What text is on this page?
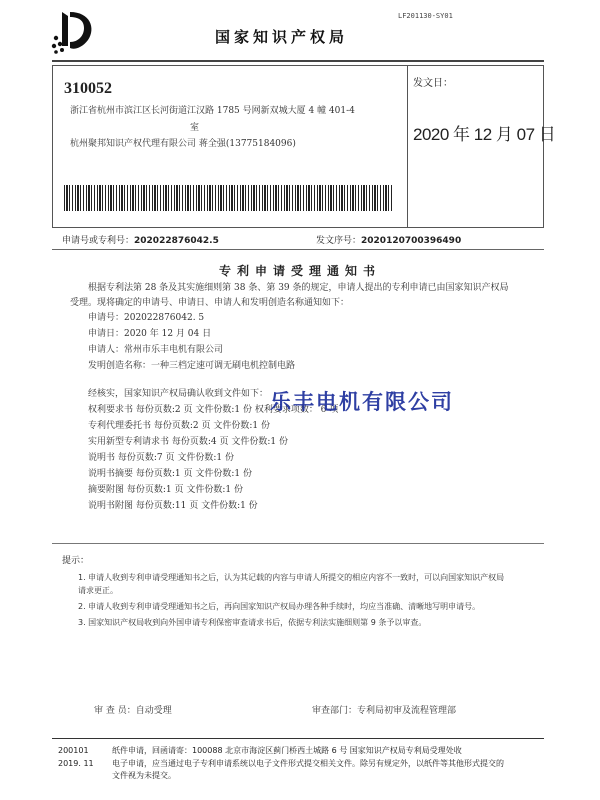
LF201130-SY01
国家知识产权局
310052
浙江省杭州市滨江区长河街道江汉路 1785 号网新双城大厦 4 幢 401-4
室
杭州聚邦知识产权代理有限公司 蒋全强(13775184096)
发文日：
2020 年 12 月 07 日
申请号或专利号：202022876042.5	发文序号：2020120700396490
专利申请受理通知书
根据专利法第 28 条及其实施细则第 38 条、第 39 条的规定，申请人提出的专利申请已由国家知识产权局
受理。现将确定的申请号、申请日、申请人和发明创造名称通知如下：
申请号：202022876042. 5
申请日：2020 年 12 月 04 日
申请人：常州市乐丰电机有限公司
发明创造名称：一种三档定速可调无刷电机控制电路
经核实，国家知识产权局确认收到文件如下：
权利要求书 每份页数:2 页 文件份数:1 份 权利要求项数： 6 项
专利代理委托书 每份页数:2 页 文件份数:1 份
实用新型专利请求书 每份页数:4 页 文件份数:1 份
说明书 每份页数:7 页 文件份数:1 份
说明书摘要 每份页数:1 页 文件份数:1 份
摘要附图 每份页数:1 页 文件份数:1 份
说明书附图 每份页数:11 页 文件份数:1 份
乐丰电机有限公司
提示：
1. 申请人收到专利申请受理通知书之后，认为其记载的内容与申请人所提交的相应内容不一致时，可以向国家知识产权局
请求更正。
2. 申请人收到专利申请受理通知书之后，再向国家知识产权局办理各种手续时，均应当准确、清晰地写明申请号。
3. 国家知识产权局收到向外国申请专利保密审查请求书后，依据专利法实施细则第 9 条予以审查。
审 查 员：自动受理	审查部门：专利局初审及流程管理部
200101
2019. 11
纸件申请，回函请寄：100088 北京市海淀区蓟门桥西土城路 6 号 国家知识产权局专利局受理处收
电子申请，应当通过电子专利申请系统以电子文件形式提交相关文件。除另有规定外，以纸件等其他形式提交的
文件视为未提交。
